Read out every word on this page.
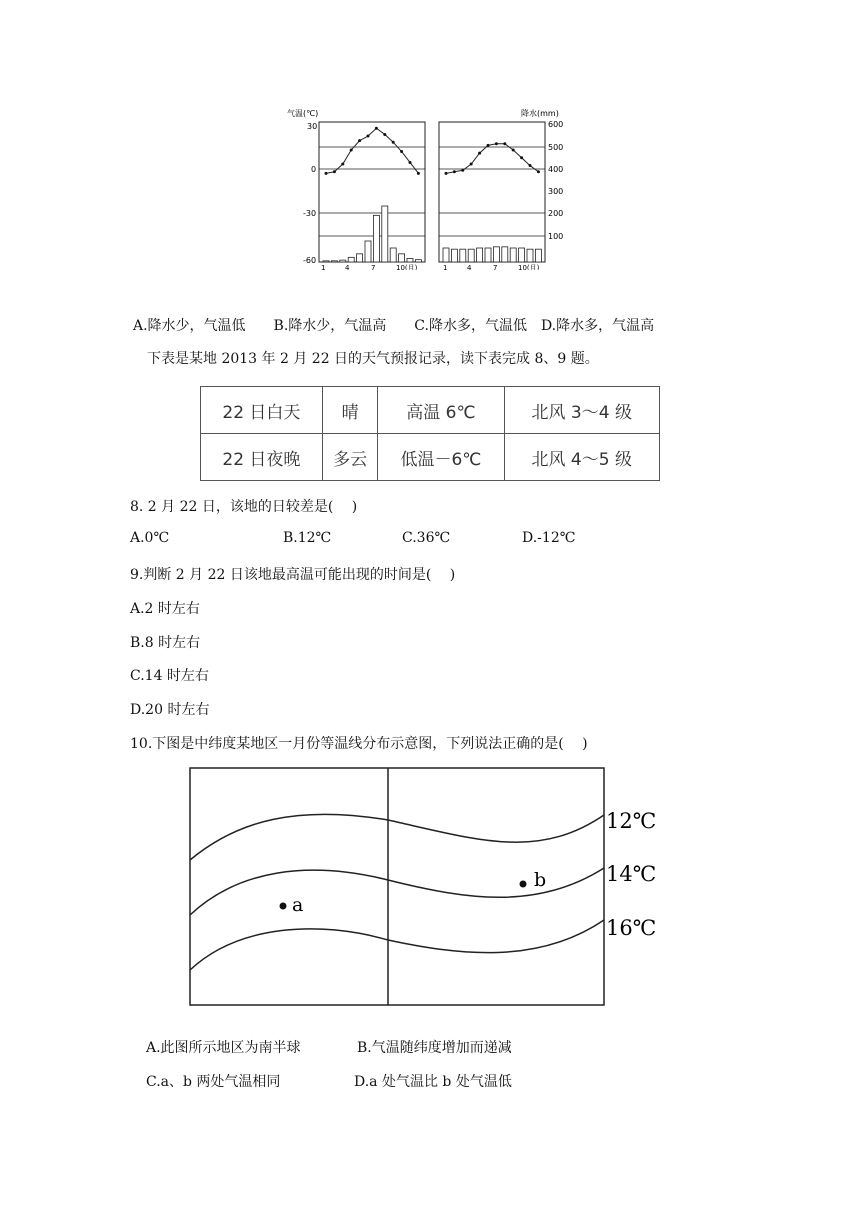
气温(℃)
30
0
-30
-60
1	4	7	10(月)
降水(mm)
600
500
400
300
200
100
1	4	7	10(月)
A.降水少，气温低　　B.降水少，气温高　　C.降水多，气温低　D.降水多，气温高
下表是某地 2013 年 2 月 22 日的天气预报记录，读下表完成 8、9 题。
22 日白天	晴	高温 6℃	北风 3～4 级
22 日夜晚	多云	低温－6℃	北风 4～5 级
8. 2 月 22 日，该地的日较差是(　 )
A.0℃	B.12℃	C.36℃	D.-12℃
9.判断 2 月 22 日该地最高温可能出现的时间是(　 )
A.2 时左右
B.8 时左右
C.14 时左右
D.20 时左右
10.下图是中纬度某地区一月份等温线分布示意图，下列说法正确的是(　 )
12℃
14℃
16℃
a
b
A.此图所示地区为南半球	B.气温随纬度增加而递减
C.a、b 两处气温相同	D.a 处气温比 b 处气温低
